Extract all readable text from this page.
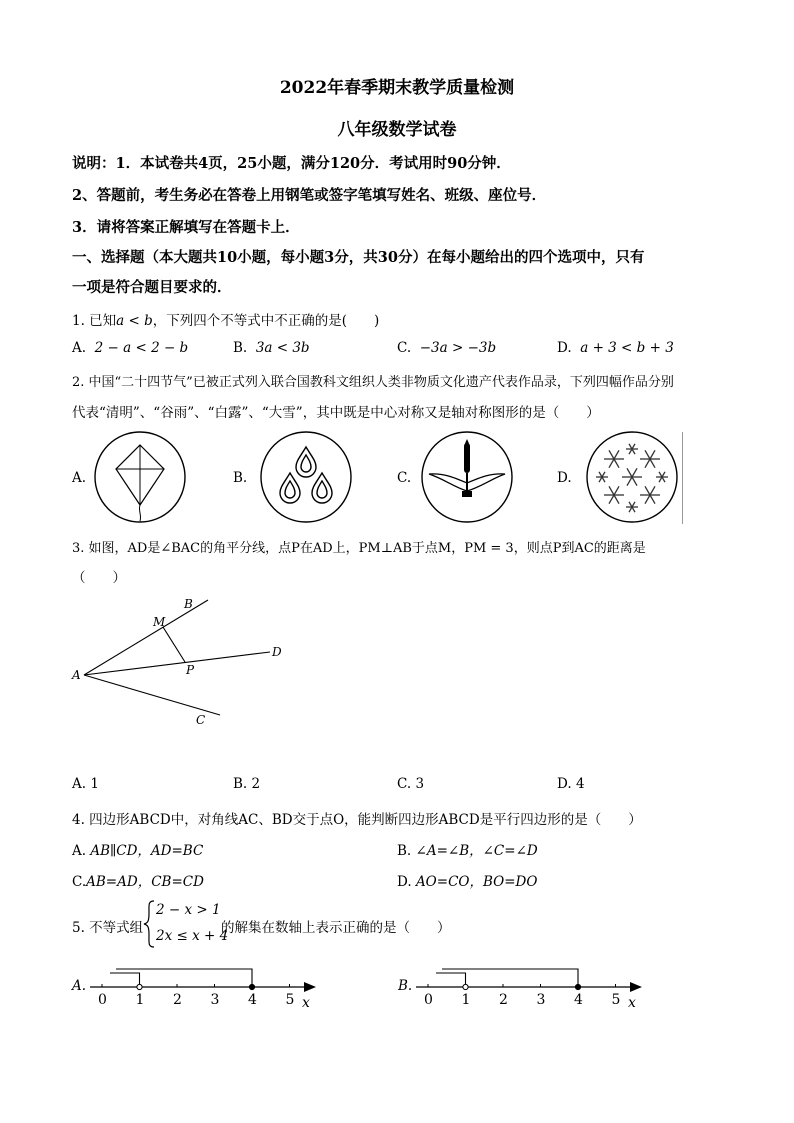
2022年春季期末教学质量检测
八年级数学试卷
说明：1．本试卷共4页，25小题，满分120分．考试用时90分钟．
2、答题前，考生务必在答卷上用钢笔或签字笔填写姓名、班级、座位号．
3．请将答案正解填写在答题卡上．
一、选择题（本大题共10小题，每小题3分，共30分）在每小题给出的四个选项中，只有
一项是符合题目要求的．
1. 已知a < b，下列四个不等式中不正确的是(　　)
A. 2 − a < 2 − b	B. 3a < 3b	C. −3a > −3b	D. a + 3 < b + 3
2. 中国“二十四节气”已被正式列入联合国教科文组织人类非物质文化遗产代表作品录，下列四幅作品分别
代表“清明”、“谷雨”、“白露”、“大雪”，其中既是中心对称又是轴对称图形的是（　　）
A.	B.	C.	D.
3. 如图，AD是∠BAC的角平分线，点P在AD上，PM⊥AB于点M，PM = 3，则点P到AC的距离是
（　　）
A
B
C
D
M
P
A. 1	B. 2	C. 3	D. 4
4. 四边形ABCD中，对角线AC、BD交于点O，能判断四边形ABCD是平行四边形的是（　　）
A. AB∥CD，AD=BC	B. ∠A=∠B，∠C=∠D
C.AB=AD，CB=CD	D. AO=CO，BO=DO
5. 不等式组
2 − x > 1
2x ≤ x + 4
的解集在数轴上表示正确的是（　　）
A.	B.
0 1 2 3 4 5 x	0 1 2 3 4 5 x
